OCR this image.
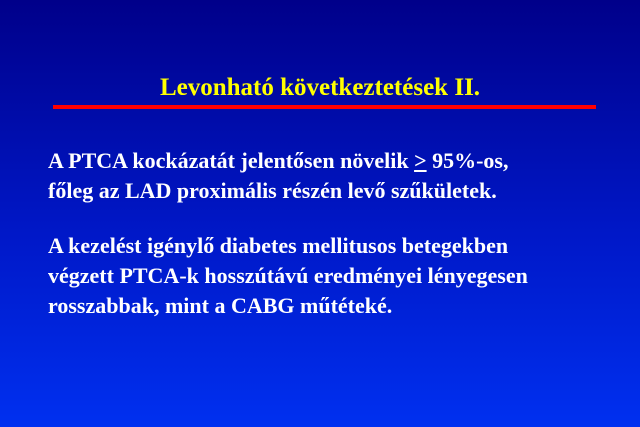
Levonható következtetések II.
A PTCA kockázatát jelentősen növelik ≥ 95%-os,
főleg az LAD proximális részén levő szűkületek.
A kezelést igénylő diabetes mellitusos betegekben
végzett PTCA-k hosszútávú eredményei lényegesen
rosszabbak, mint a CABG műtéteké.
